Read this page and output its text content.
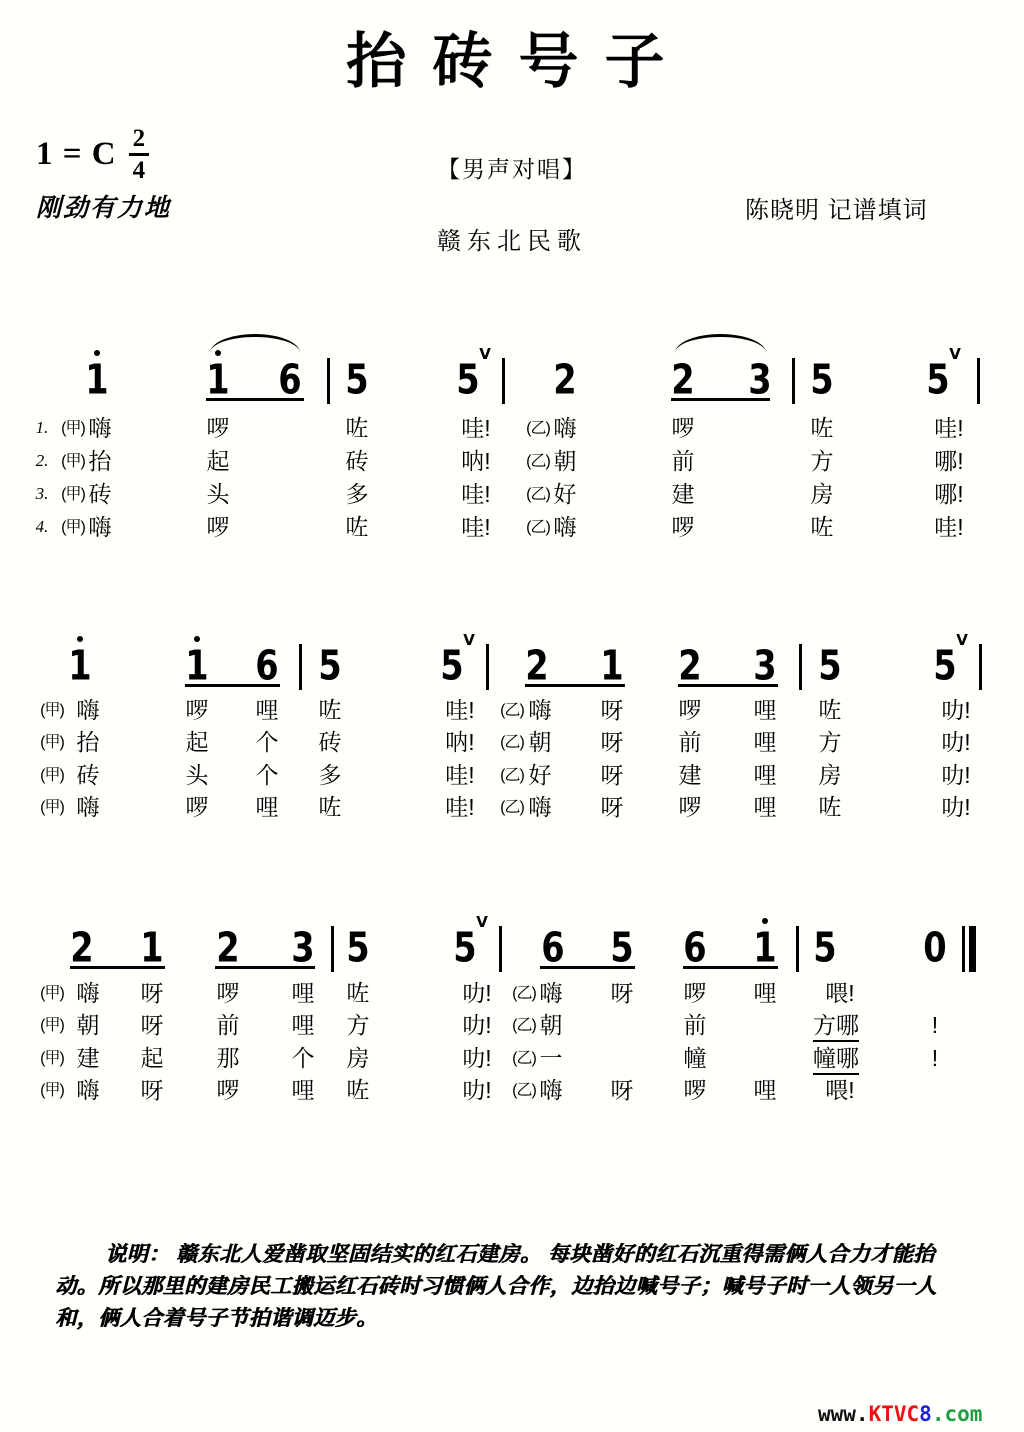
抬砖号子
1 = C $\frac{2}{4}$	【男声对唱】
刚劲有力地	陈晓明 记谱填词
赣东北民歌
1 1 6 5 5
V
2 2 3 5 5
V
1. (甲) 嗨	啰	咗	哇! (乙) 嗨	啰	咗	哇!
2. (甲) 抬	起	砖	呐! (乙) 朝	前	方	哪!
3. (甲) 砖	头	多	哇! (乙) 好	建	房	哪!
4. (甲) 嗨	啰	咗	哇! (乙) 嗨	啰	咗	哇!
1 1 6 5 5
V
2 1 2 3 5 5
V
(甲) 嗨	啰 哩 咗	哇! (乙) 嗨 呀 啰 哩 咗	叻!
(甲) 抬	起 个 砖	呐! (乙) 朝 呀 前 哩 方	叻!
(甲) 砖	头 个 多	哇! (乙) 好 呀 建 哩 房	叻!
(甲) 嗨	啰 哩 咗	哇! (乙) 嗨 呀 啰 哩 咗	叻!
2 1 2 3 5 5
V
6 5 6 1 5 0
(甲) 嗨 呀 啰 哩 咗	叻! (乙) 嗨 呀 啰 哩 喂!
(甲) 朝 呀 前 哩 方	叻! (乙) 朝	前	方哪	!
(甲) 建 起 那 个 房	叻! (乙) 一	幢	幢哪	!
(甲) 嗨 呀 啰 哩 咗	叻! (乙) 嗨 呀 啰 哩 喂!
说明： 赣东北人爱凿取坚固结实的红石建房。 每块凿好的红石沉重得需俩人合力才能抬
动。所以那里的建房民工搬运红石砖时习惯俩人合作，边抬边喊号子；喊号子时一人领另一人
和，俩人合着号子节拍谐调迈步。
www.KTVC8.com
